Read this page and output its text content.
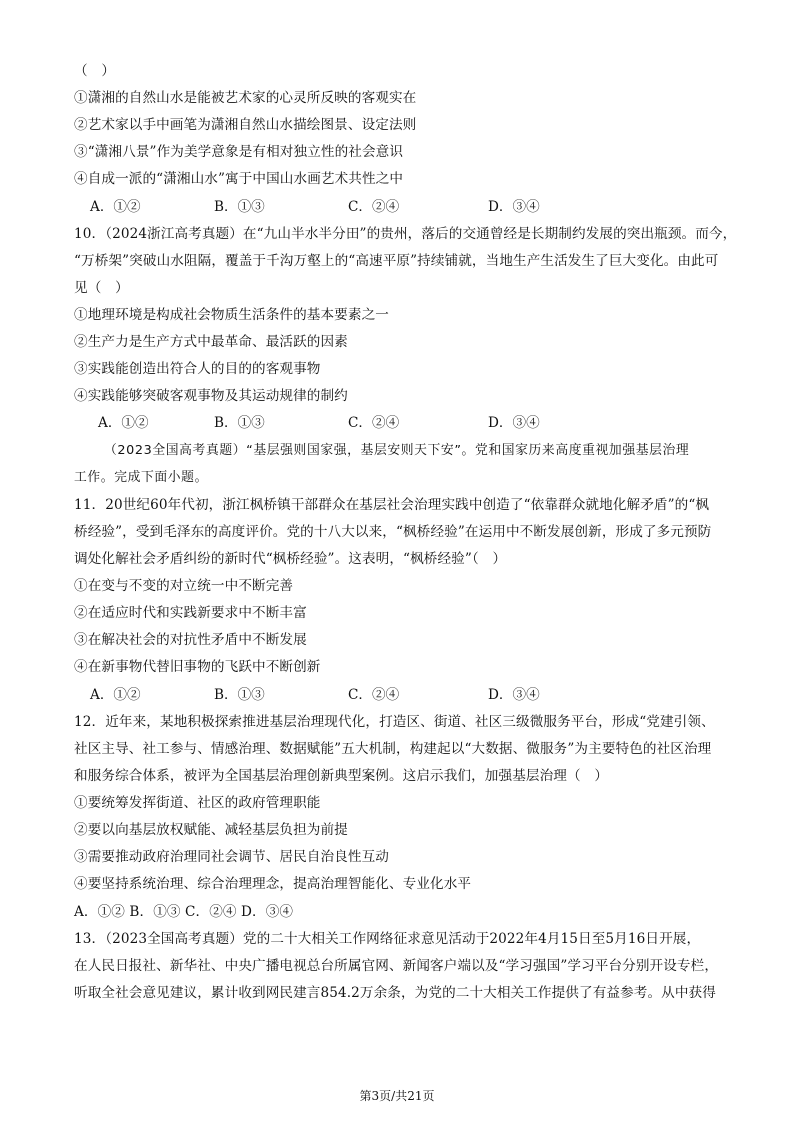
（　）
①潇湘的自然山水是能被艺术家的心灵所反映的客观实在
②艺术家以手中画笔为潇湘自然山水描绘图景、设定法则
③“潇湘八景”作为美学意象是有相对独立性的社会意识
④自成一派的“潇湘山水”寓于中国山水画艺术共性之中
A．①②	B．①③	C．②④	D．③④
10．（2024浙江高考真题）在“九山半水半分田”的贵州，落后的交通曾经是长期制约发展的突出瓶颈。而今，
“万桥架”突破山水阻隔，覆盖于千沟万壑上的“高速平原”持续铺就，当地生产生活发生了巨大变化。由此可
见（　）
①地理环境是构成社会物质生活条件的基本要素之一
②生产力是生产方式中最革命、最活跃的因素
③实践能创造出符合人的目的的客观事物
④实践能够突破客观事物及其运动规律的制约
A．①②	B．①③	C．②④	D．③④
（2023全国高考真题）“基层强则国家强，基层安则天下安”。党和国家历来高度重视加强基层治理
工作。完成下面小题。
11．20世纪60年代初，浙江枫桥镇干部群众在基层社会治理实践中创造了“依靠群众就地化解矛盾”的“枫
桥经验”，受到毛泽东的高度评价。党的十八大以来，“枫桥经验”在运用中不断发展创新，形成了多元预防
调处化解社会矛盾纠纷的新时代“枫桥经验”。这表明，“枫桥经验”（　）
①在变与不变的对立统一中不断完善
②在适应时代和实践新要求中不断丰富
③在解决社会的对抗性矛盾中不断发展
④在新事物代替旧事物的飞跃中不断创新
A．①②	B．①③	C．②④	D．③④
12．近年来，某地积极探索推进基层治理现代化，打造区、街道、社区三级微服务平台，形成“党建引领、
社区主导、社工参与、情感治理、数据赋能”五大机制，构建起以“大数据、微服务”为主要特色的社区治理
和服务综合体系，被评为全国基层治理创新典型案例。这启示我们，加强基层治理（　）
①要统筹发挥街道、社区的政府管理职能
②要以向基层放权赋能、减轻基层负担为前提
③需要推动政府治理同社会调节、居民自治良性互动
④要坚持系统治理、综合治理理念，提高治理智能化、专业化水平
A．①② B．①③ C．②④ D．③④
13．（2023全国高考真题）党的二十大相关工作网络征求意见活动于2022年4月15日至5月16日开展，
在人民日报社、新华社、中央广播电视总台所属官网、新闻客户端以及“学习强国”学习平台分别开设专栏，
听取全社会意见建议，累计收到网民建言854.2万余条，为党的二十大相关工作提供了有益参考。从中获得
第3页/共21页
